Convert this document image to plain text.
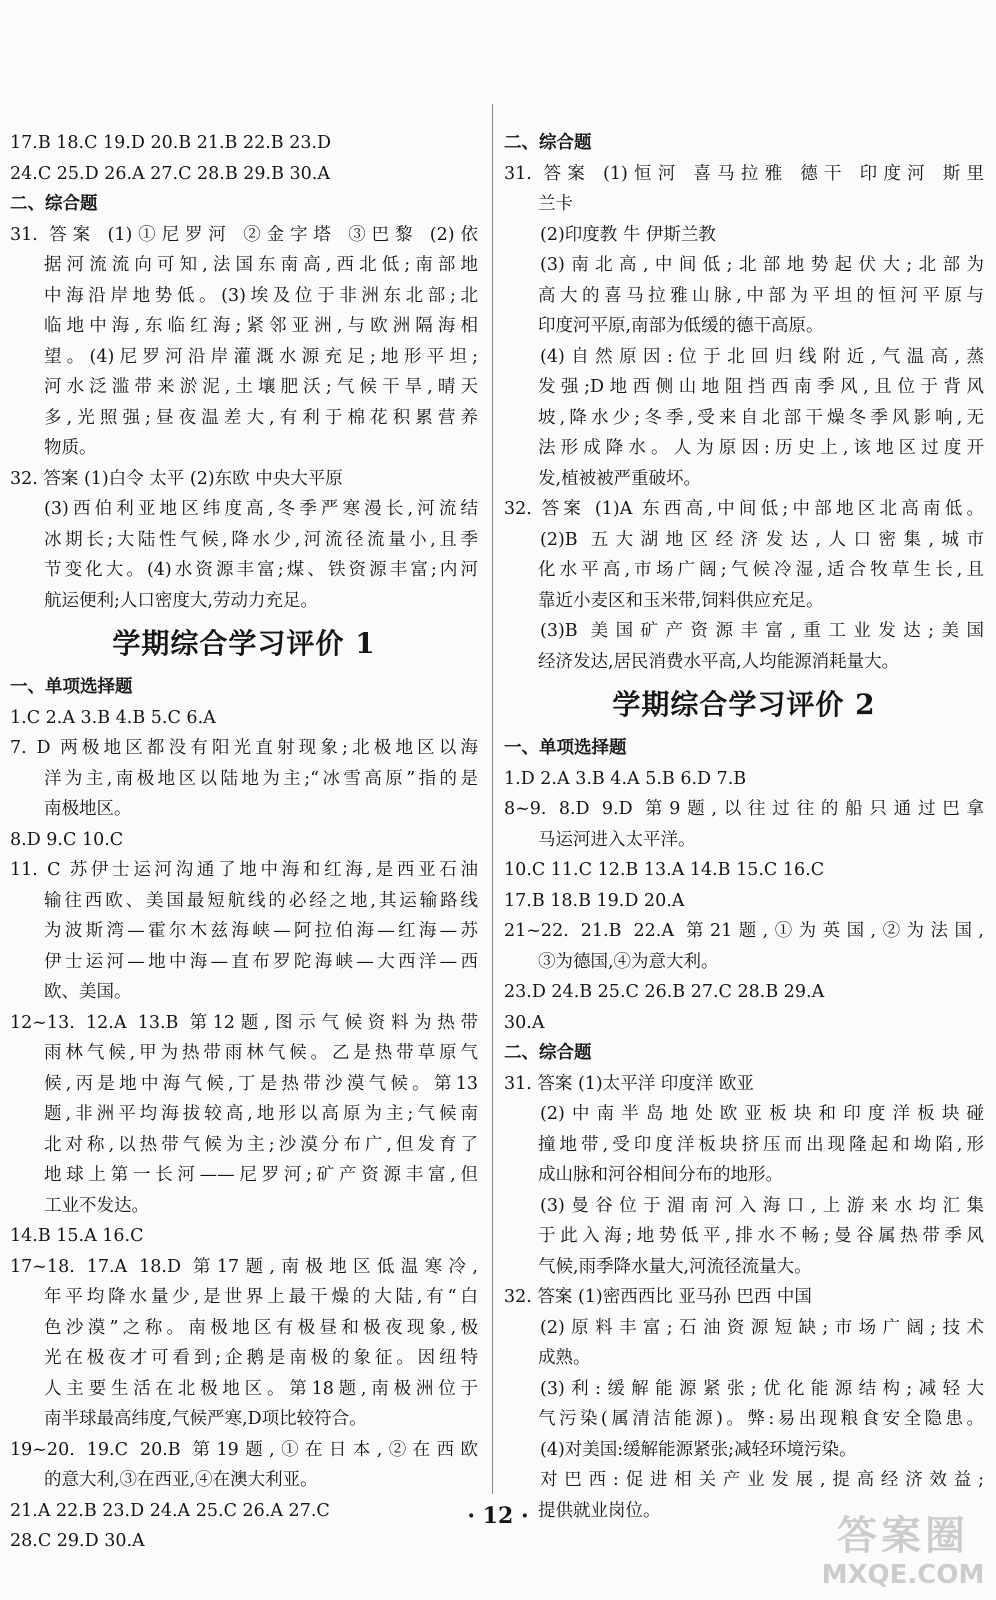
17.B 18.C 19.D 20.B 21.B 22.B 23.D
24.C 25.D 26.A 27.C 28.B 29.B 30.A
二、综合题
31. 答案 (1)①尼罗河 ②金字塔 ③巴黎 (2)依
据河流流向可知,法国东南高,西北低;南部地
中海沿岸地势低。(3)埃及位于非洲东北部;北
临地中海,东临红海;紧邻亚洲,与欧洲隔海相
望。(4)尼罗河沿岸灌溉水源充足;地形平坦;
河水泛滥带来淤泥,土壤肥沃;气候干旱,晴天
多,光照强;昼夜温差大,有利于棉花积累营养
物质。
32. 答案 (1)白令 太平 (2)东欧 中央大平原
(3)西伯利亚地区纬度高,冬季严寒漫长,河流结
冰期长;大陆性气候,降水少,河流径流量小,且季
节变化大。(4)水资源丰富;煤、铁资源丰富;内河
航运便利;人口密度大,劳动力充足。
学期综合学习评价 1
一、单项选择题
1.C 2.A 3.B 4.B 5.C 6.A
7. D 两极地区都没有阳光直射现象;北极地区以海
洋为主,南极地区以陆地为主;“冰雪高原”指的是
南极地区。
8.D 9.C 10.C
11. C 苏伊士运河沟通了地中海和红海,是西亚石油
输往西欧、美国最短航线的必经之地,其运输路线
为波斯湾—霍尔木兹海峡—阿拉伯海—红海—苏
伊士运河—地中海—直布罗陀海峡—大西洋—西
欧、美国。
12~13. 12.A 13.B 第12题,图示气候资料为热带
雨林气候,甲为热带雨林气候。乙是热带草原气
候,丙是地中海气候,丁是热带沙漠气候。第13
题,非洲平均海拔较高,地形以高原为主;气候南
北对称,以热带气候为主;沙漠分布广,但发育了
地球上第一长河——尼罗河;矿产资源丰富,但
工业不发达。
14.B 15.A 16.C
17~18. 17.A 18.D 第17题,南极地区低温寒冷,
年平均降水量少,是世界上最干燥的大陆,有“白
色沙漠”之称。南极地区有极昼和极夜现象,极
光在极夜才可看到;企鹅是南极的象征。因纽特
人主要生活在北极地区。第18题,南极洲位于
南半球最高纬度,气候严寒,D项比较符合。
19~20. 19.C 20.B 第19题,①在日本,②在西欧
的意大利,③在西亚,④在澳大利亚。
21.A 22.B 23.D 24.A 25.C 26.A 27.C
28.C 29.D 30.A
二、综合题
31. 答案 (1)恒河 喜马拉雅 德干 印度河 斯里
兰卡
(2)印度教 牛 伊斯兰教
(3)南北高,中间低;北部地势起伏大;北部为
高大的喜马拉雅山脉,中部为平坦的恒河平原与
印度河平原,南部为低缓的德干高原。
(4)自然原因:位于北回归线附近,气温高,蒸
发强;D地西侧山地阻挡西南季风,且位于背风
坡,降水少;冬季,受来自北部干燥冬季风影响,无
法形成降水。人为原因:历史上,该地区过度开
发,植被被严重破坏。
32. 答案 (1)A 东西高,中间低;中部地区北高南低。
(2)B 五大湖地区经济发达,人口密集,城市
化水平高,市场广阔;气候冷湿,适合牧草生长,且
靠近小麦区和玉米带,饲料供应充足。
(3)B 美国矿产资源丰富,重工业发达;美国
经济发达,居民消费水平高,人均能源消耗量大。
学期综合学习评价 2
一、单项选择题
1.D 2.A 3.B 4.A 5.B 6.D 7.B
8~9. 8.D 9.D 第9题,以往过往的船只通过巴拿
马运河进入太平洋。
10.C 11.C 12.B 13.A 14.B 15.C 16.C
17.B 18.B 19.D 20.A
21~22. 21.B 22.A 第21题,①为英国,②为法国,
③为德国,④为意大利。
23.D 24.B 25.C 26.B 27.C 28.B 29.A
30.A
二、综合题
31. 答案 (1)太平洋 印度洋 欧亚
(2)中南半岛地处欧亚板块和印度洋板块碰
撞地带,受印度洋板块挤压而出现隆起和坳陷,形
成山脉和河谷相间分布的地形。
(3)曼谷位于湄南河入海口,上游来水均汇集
于此入海;地势低平,排水不畅;曼谷属热带季风
气候,雨季降水量大,河流径流量大。
32. 答案 (1)密西西比 亚马孙 巴西 中国
(2)原料丰富;石油资源短缺;市场广阔;技术
成熟。
(3)利:缓解能源紧张;优化能源结构;减轻大
气污染(属清洁能源)。弊:易出现粮食安全隐患。
(4)对美国:缓解能源紧张;减轻环境污染。
对巴西:促进相关产业发展,提高经济效益;
提供就业岗位。
· 12 ·	答案圈
MXQE.COM
